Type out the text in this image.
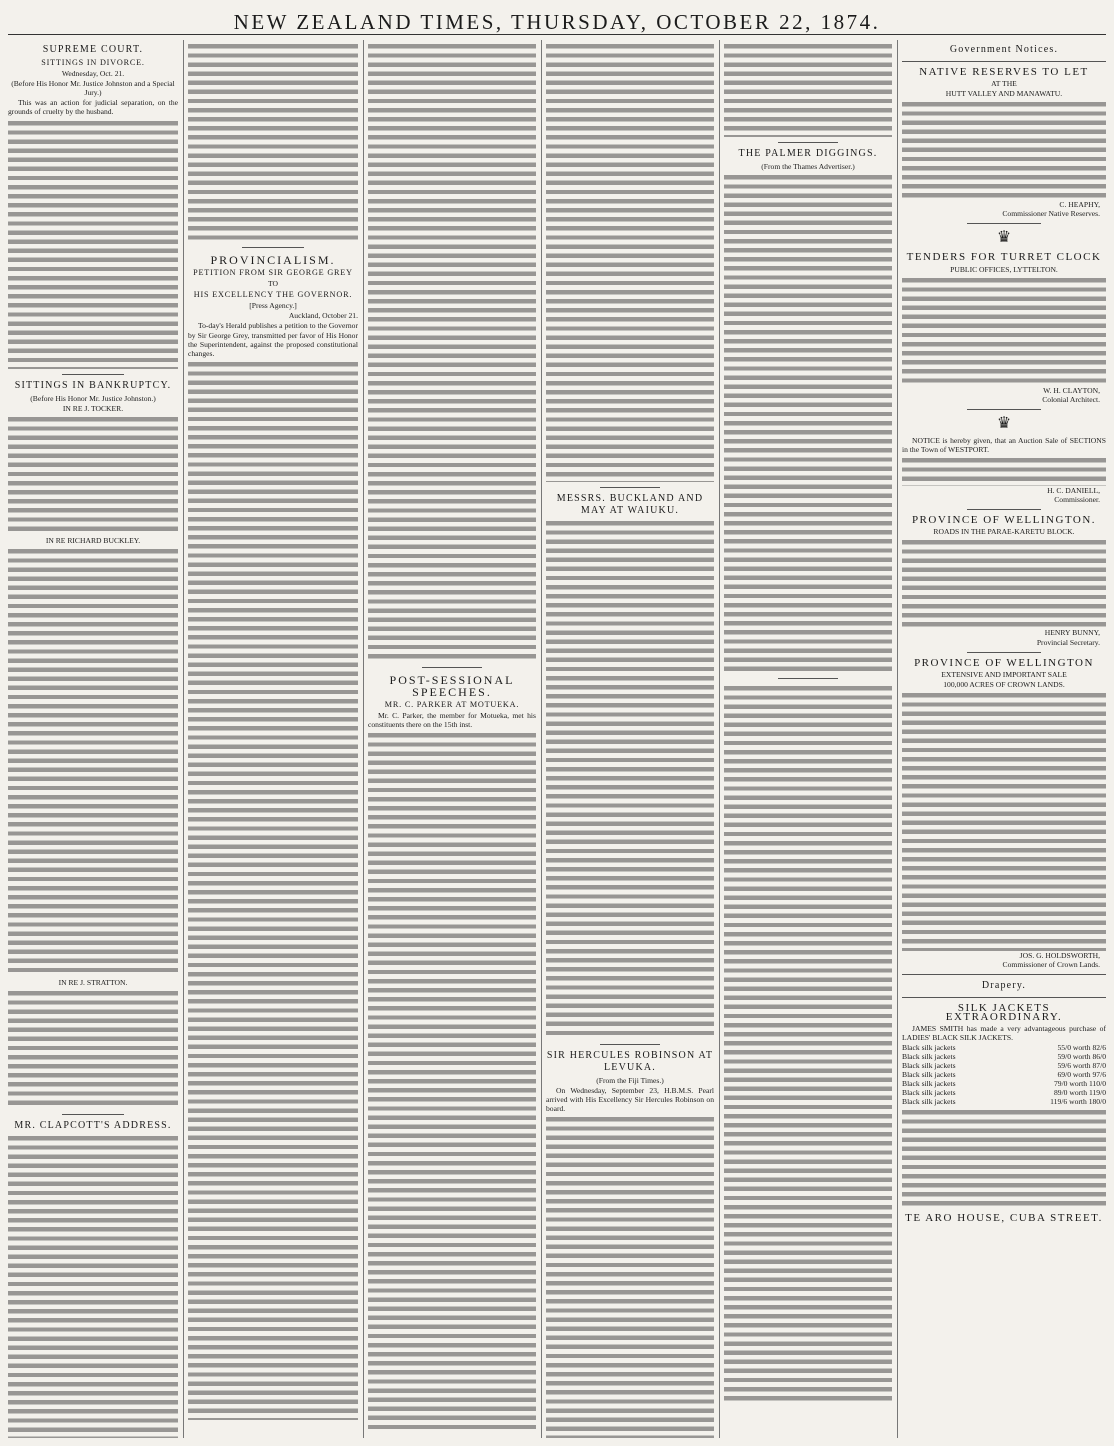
NEW ZEALAND TIMES, THURSDAY, OCTOBER 22, 1874.
SUPREME COURT.
SITTINGS IN DIVORCE.
Wednesday, Oct. 21.
(Before His Honor Mr. Justice Johnston and a Special Jury.)

This was an action for judicial separation, on the grounds of cruelty by the husband.

SITTINGS IN BANKRUPTCY.
(Before His Honor Mr. Justice Johnston.)
IN RE J. TOCKER.
IN RE RICHARD BUCKLEY.
IN RE J. STRATTON.
MR. CLAPCOTT'S ADDRESS.
PROVINCIALISM.
PETITION FROM SIR GEORGE GREY
TO
HIS EXCELLENCY THE GOVERNOR.
[Press Agency.]
Auckland, October 21.

To-day's Herald publishes a petition to the Governor by Sir George Grey, transmitted per favor of His Honor the Superintendent, against the proposed constitutional changes.

POST-SESSIONAL SPEECHES.
MR. C. PARKER AT MOTUEKA.

Mr. C. Parker, the member for Motueka, met his constituents there on the 15th inst.

MESSRS. BUCKLAND AND MAY AT WAIUKU.
SIR HERCULES ROBINSON AT LEVUKA.
(From the Fiji Times.)

On Wednesday, September 23, H.B.M.S. Pearl arrived with His Excellency Sir Hercules Robinson on board.

THE PALMER DIGGINGS.
(From the Thames Advertiser.)
Government Notices.
NATIVE RESERVES TO LET
AT THE
HUTT VALLEY AND MANAWATU.
C. HEAPHY,
Commissioner Native Reserves.
♛
TENDERS FOR TURRET CLOCK
PUBLIC OFFICES, LYTTELTON.
W. H. CLAYTON,
Colonial Architect.
♛

NOTICE is hereby given, that an Auction Sale of SECTIONS in the Town of WESTPORT.

H. C. DANIELL,
Commissioner.
PROVINCE OF WELLINGTON.
ROADS IN THE PARAE-KARETU BLOCK.
HENRY BUNNY,
Provincial Secretary.
PROVINCE OF WELLINGTON
EXTENSIVE AND IMPORTANT SALE
100,000 ACRES OF CROWN LANDS.
JOS. G. HOLDSWORTH,
Commissioner of Crown Lands.
Drapery.
SILK JACKETS EXTRAORDINARY.

JAMES SMITH has made a very advantageous purchase of LADIES' BLACK SILK JACKETS.

Black silk jackets	55/0 worth 82/6
Black silk jackets	59/0 worth 86/0
Black silk jackets	59/6 worth 87/0
Black silk jackets	69/0 worth 97/6
Black silk jackets	79/0 worth 110/0
Black silk jackets	89/0 worth 119/0
Black silk jackets	119/6 worth 180/0
TE ARO HOUSE, CUBA STREET.
